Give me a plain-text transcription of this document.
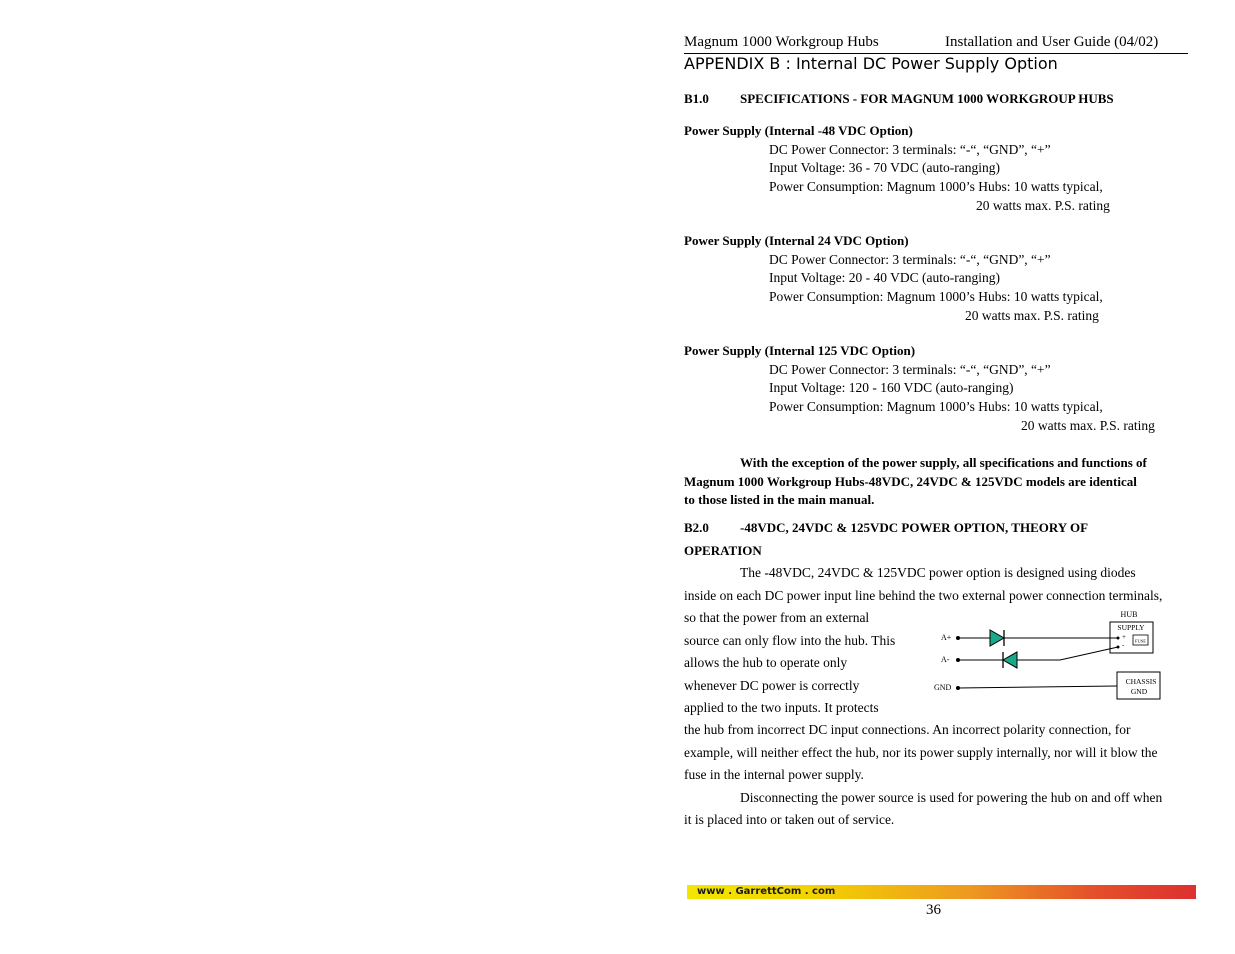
Magnum 1000 Workgroup Hubs	Installation and User Guide (04/02)
APPENDIX B : Internal DC Power Supply Option
B1.0 SPECIFICATIONS - FOR MAGNUM 1000 WORKGROUP HUBS
Power Supply (Internal -48 VDC Option)
DC Power Connector: 3 terminals: “-“, “GND”, “+”
Input Voltage: 36 - 70 VDC (auto-ranging)
Power Consumption: Magnum 1000’s Hubs: 10 watts typical,
20 watts max. P.S. rating
Power Supply (Internal 24 VDC Option)
DC Power Connector: 3 terminals: “-“, “GND”, “+”
Input Voltage: 20 - 40 VDC (auto-ranging)
Power Consumption: Magnum 1000’s Hubs: 10 watts typical,
20 watts max. P.S. rating
Power Supply (Internal 125 VDC Option)
DC Power Connector: 3 terminals: “-“, “GND”, “+”
Input Voltage: 120 - 160 VDC (auto-ranging)
Power Consumption: Magnum 1000’s Hubs: 10 watts typical,
20 watts max. P.S. rating
With the exception of the power supply, all specifications and functions of
Magnum 1000 Workgroup Hubs-48VDC, 24VDC & 125VDC models are identical
to those listed in the main manual.
B2.0 -48VDC, 24VDC & 125VDC POWER OPTION, THEORY OF
OPERATION
The -48VDC, 24VDC & 125VDC power option is designed using diodes
inside on each DC power input line behind the two external power connection terminals,
so that the power from an external
source can only flow into the hub. This
allows the hub to operate only
whenever DC power is correctly
applied to the two inputs. It protects
the hub from incorrect DC input connections. An incorrect polarity connection, for
example, will neither effect the hub, nor its power supply internally, nor will it blow the
fuse in the internal power supply.
Disconnecting the power source is used for powering the hub on and off when
it is placed into or taken out of service.
HUB
SUPPLY
+
- FUSE
A+
A-
GND
CHASSIS
GND
www . GarrettCom . com
36
